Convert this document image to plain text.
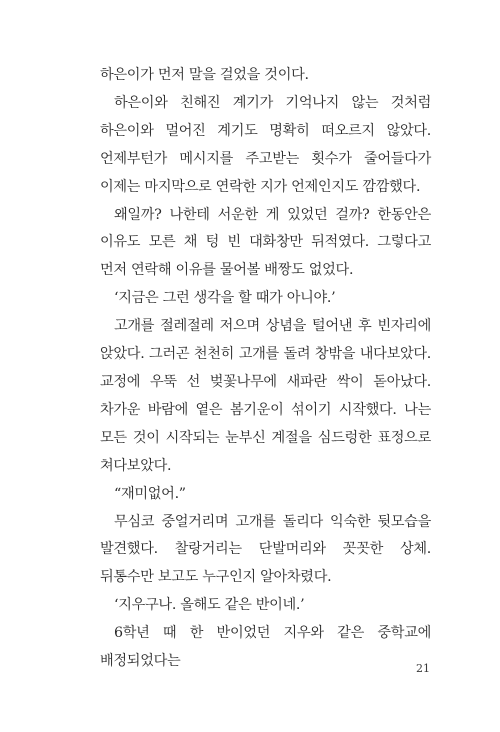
하은이가 먼저 말을 걸었을 것이다.

하은이와 친해진 계기가 기억나지 않는 것처럼 하은이와 멀어진 계기도 명확히 떠오르지 않았다. 언제부턴가 메시지를 주고받는 횟수가 줄어들다가 이제는 마지막으로 연락한 지가 언제인지도 깜깜했다.

왜일까? 나한테 서운한 게 있었던 걸까? 한동안은 이유도 모른 채 텅 빈 대화창만 뒤적였다. 그렇다고 먼저 연락해 이유를 물어볼 배짱도 없었다.

‘지금은 그런 생각을 할 때가 아니야.’

고개를 절레절레 저으며 상념을 털어낸 후 빈자리에 앉았다. 그러곤 천천히 고개를 돌려 창밖을 내다보았다. 교정에 우뚝 선 벚꽃나무에 새파란 싹이 돋아났다. 차가운 바람에 옅은 봄기운이 섞이기 시작했다. 나는 모든 것이 시작되는 눈부신 계절을 심드렁한 표정으로 쳐다보았다.

“재미없어.”

무심코 중얼거리며 고개를 돌리다 익숙한 뒷모습을 발견했다. 찰랑거리는 단발머리와 꼿꼿한 상체. 뒤통수만 보고도 누구인지 알아차렸다.

‘지우구나. 올해도 같은 반이네.’

6학년 때 한 반이었던 지우와 같은 중학교에 배정되었다는	21
